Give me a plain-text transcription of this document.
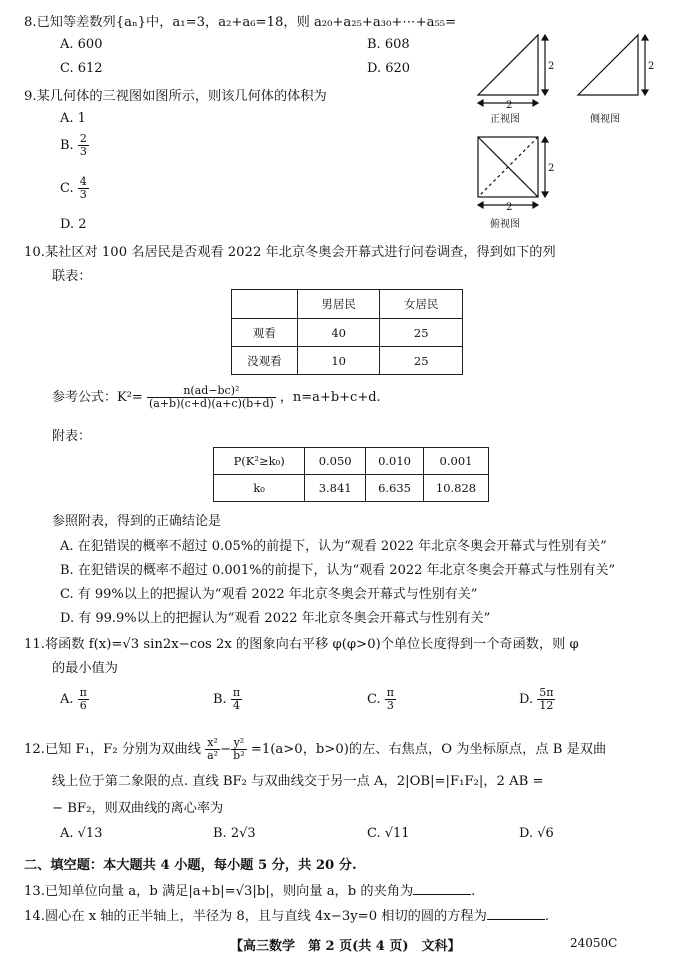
8.已知等差数列{aₙ}中，a₁=3，a₂+a₆=18，则 a₂₀+a₂₅+a₃₀+⋯+a₅₅=
A. 600	B. 608
C. 612	D. 620
9.某几何体的三视图如图所示，则该几何体的体积为
A. 1
B. $\frac{2}{3}$
C. $\frac{4}{3}$
D. 2
2
2
正视图
2
侧视图
2
2
俯视图
10.某社区对 100 名居民是否观看 2022 年北京冬奥会开幕式进行问卷调查，得到如下的列
联表：
	男居民	女居民
观看	40	25
没观看	10	25
参考公式：$K^2= \frac{\text{n(ad−bc)²}}{(a+b)(c+d)(a+c)(b+d)}$ ，n=a+b+c+d.
附表：
P(K²≥k₀)	0.050	0.010	0.001
k₀	3.841	6.635	10.828
参照附表，得到的正确结论是
A. 在犯错误的概率不超过 0.05%的前提下，认为“观看 2022 年北京冬奥会开幕式与性别有关”
B. 在犯错误的概率不超过 0.001%的前提下，认为“观看 2022 年北京冬奥会开幕式与性别有关”
C. 有 99%以上的把握认为“观看 2022 年北京冬奥会开幕式与性别有关”
D. 有 99.9%以上的把握认为“观看 2022 年北京冬奥会开幕式与性别有关”
11.将函数 f(x)=√3 sin2x−cos 2x 的图象向右平移 φ(φ>0)个单位长度得到一个奇函数，则 φ
的最小值为
A. $\frac{\pi}{6}$	B. $\frac{\pi}{4}$	C. $\frac{\pi}{3}$	D. $\frac{5\pi}{12}$
12.已知 F₁，F₂ 分别为双曲线 $\frac{\text{x²}}{\text{a²}} - \frac{\text{y²}}{\text{b²}} =1(a>0$，b>0)的左、右焦点，O 为坐标原点，点 B 是双曲
线上位于第二象限的点. 直线 BF₂ 与双曲线交于另一点 A，2|OB|=|F₁F₂|，2 AB =
− BF₂，则双曲线的离心率为
A. √13	B. 2√3	C. √11	D. √6
二、填空题：本大题共 4 小题，每小题 5 分，共 20 分.
13.已知单位向量 a，b 满足|a+b|=√3|b|，则向量 a，b 的夹角为	.
14.圆心在 x 轴的正半轴上，半径为 8，且与直线 4x−3y=0 相切的圆的方程为	.
【高三数学　第 2 页(共 4 页)　文科】	24050C
